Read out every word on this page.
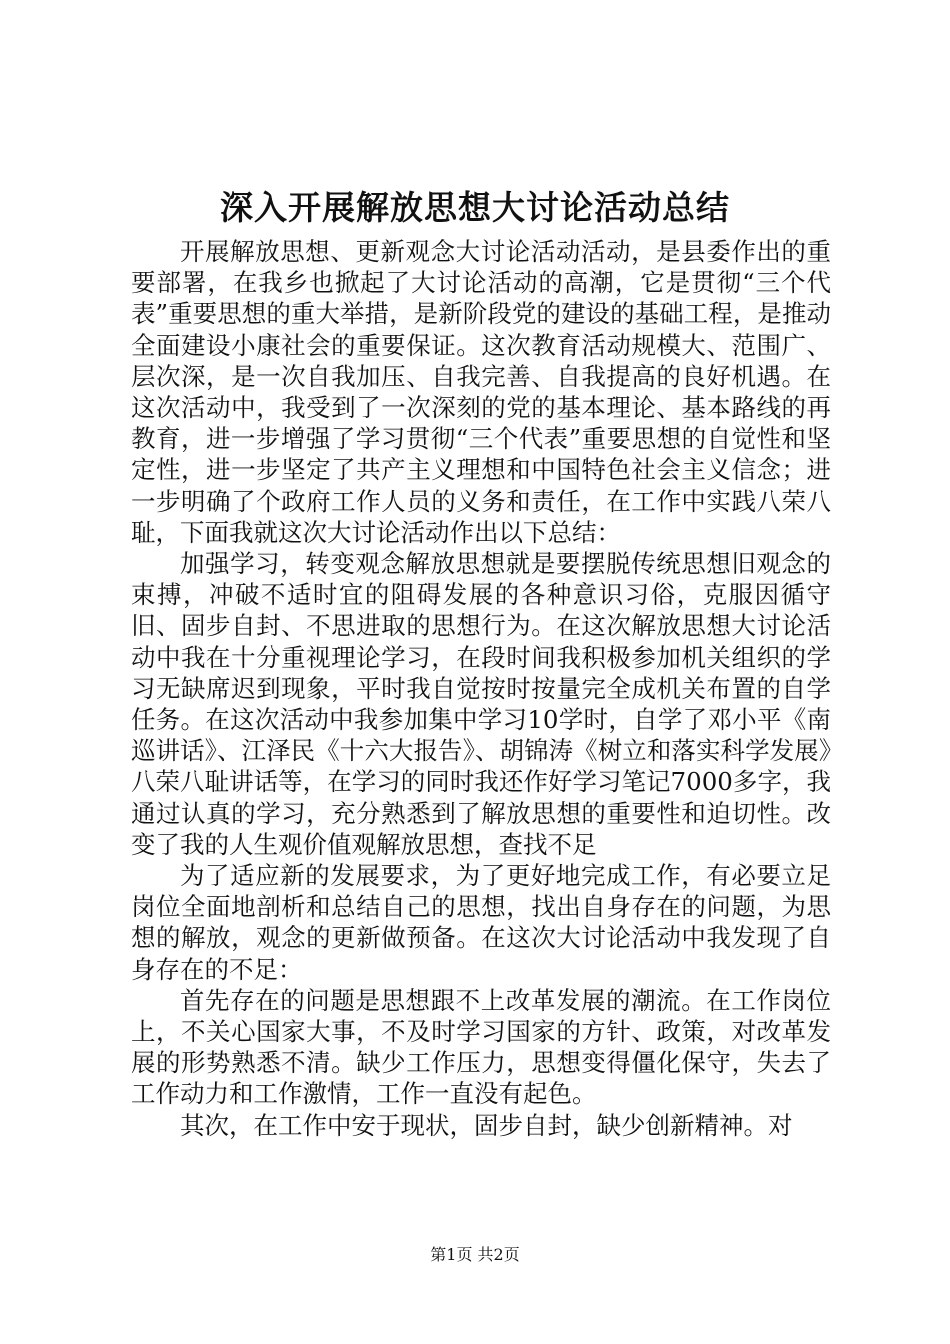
深入开展解放思想大讨论活动总结

开展解放思想、更新观念大讨论活动活动，是县委作出的重要部署，在我乡也掀起了大讨论活动的高潮，它是贯彻“三个代表”重要思想的重大举措，是新阶段党的建设的基础工程，是推动全面建设小康社会的重要保证。这次教育活动规模大、范围广、层次深，是一次自我加压、自我完善、自我提高的良好机遇。在这次活动中，我受到了一次深刻的党的基本理论、基本路线的再教育，进一步增强了学习贯彻“三个代表”重要思想的自觉性和坚定性，进一步坚定了共产主义理想和中国特色社会主义信念；进一步明确了个政府工作人员的义务和责任，在工作中实践八荣八耻，下面我就这次大讨论活动作出以下总结：

加强学习，转变观念解放思想就是要摆脱传统思想旧观念的束搏，冲破不适时宜的阻碍发展的各种意识习俗，克服因循守旧、固步自封、不思进取的思想行为。在这次解放思想大讨论活动中我在十分重视理论学习，在段时间我积极参加机关组织的学习无缺席迟到现象，平时我自觉按时按量完全成机关布置的自学任务。在这次活动中我参加集中学习10学时，自学了邓小平《南巡讲话》、江泽民《十六大报告》、胡锦涛《树立和落实科学发展》八荣八耻讲话等，在学习的同时我还作好学习笔记7000多字，我通过认真的学习，充分熟悉到了解放思想的重要性和迫切性。改变了我的人生观价值观解放思想，查找不足

为了适应新的发展要求，为了更好地完成工作，有必要立足岗位全面地剖析和总结自己的思想，找出自身存在的问题，为思想的解放，观念的更新做预备。在这次大讨论活动中我发现了自身存在的不足：

首先存在的问题是思想跟不上改革发展的潮流。在工作岗位上，不关心国家大事，不及时学习国家的方针、政策，对改革发展的形势熟悉不清。缺少工作压力，思想变得僵化保守，失去了工作动力和工作激情，工作一直没有起色。

其次，在工作中安于现状，固步自封，缺少创新精神。对

第1页 共2页
